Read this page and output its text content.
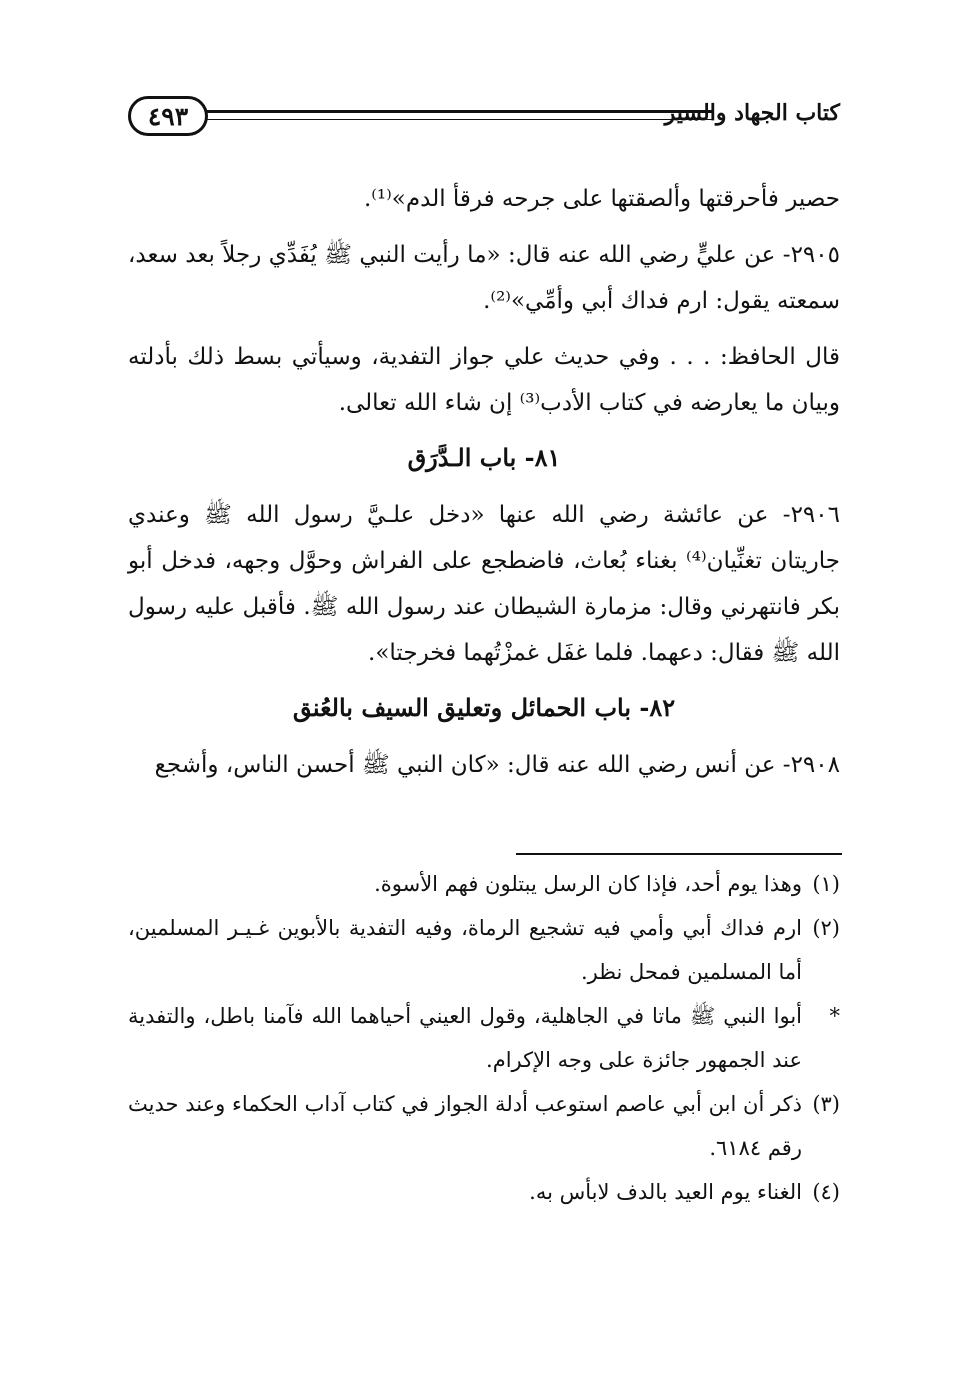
٤٩٣	كتاب الجهاد والسير

حصير فأحرقتها وألصقتها على جرحه فرقأ الدم»⁽¹⁾.

٢٩٠٥- عن عليٍّ رضي الله عنه قال: «ما رأيت النبي ﷺ يُفَدِّي رجلاً بعد سعد، سمعته يقول: ارم فداك أبي وأمِّي»⁽²⁾.

قال الحافظ: . . . وفي حديث علي جواز التفدية، وسيأتي بسط ذلك بأدلته وبيان ما يعارضه في كتاب الأدب⁽³⁾ إن شاء الله تعالى.

٨١- باب الـدَّرَق

٢٩٠٦- عن عائشة رضي الله عنها «دخل علـيَّ رسول الله ﷺ وعندي جاريتان تغنِّيان⁽⁴⁾ بغناء بُعاث، فاضطجع على الفراش وحوَّل وجهه، فدخل أبو بكر فانتهرني وقال: مزمارة الشيطان عند رسول الله ﷺ. فأقبل عليه رسول الله ﷺ فقال: دعهما. فلما غفَل غمزْتُهما فخرجتا».

٨٢- باب الحمائل وتعليق السيف بالعُنق

٢٩٠٨- عن أنس رضي الله عنه قال: «كان النبي ﷺ أحسن الناس، وأشجع

(١)
وهذا يوم أحد، فإذا كان الرسل يبتلون فهم الأسوة.
(٢)
ارم فداك أبي وأمي فيه تشجيع الرماة، وفيه التفدية بالأبوين غـيـر المسلمين، أما المسلمين فمحل نظر.
*
أبوا النبي ﷺ ماتا في الجاهلية، وقول العيني أحياهما الله فآمنا باطل، والتفدية عند الجمهور جائزة على وجه الإكرام.
(٣)
ذكر أن ابن أبي عاصم استوعب أدلة الجواز في كتاب آداب الحكماء وعند حديث رقم ٦١٨٤.
(٤)
الغناء يوم العيد بالدف لابأس به.
